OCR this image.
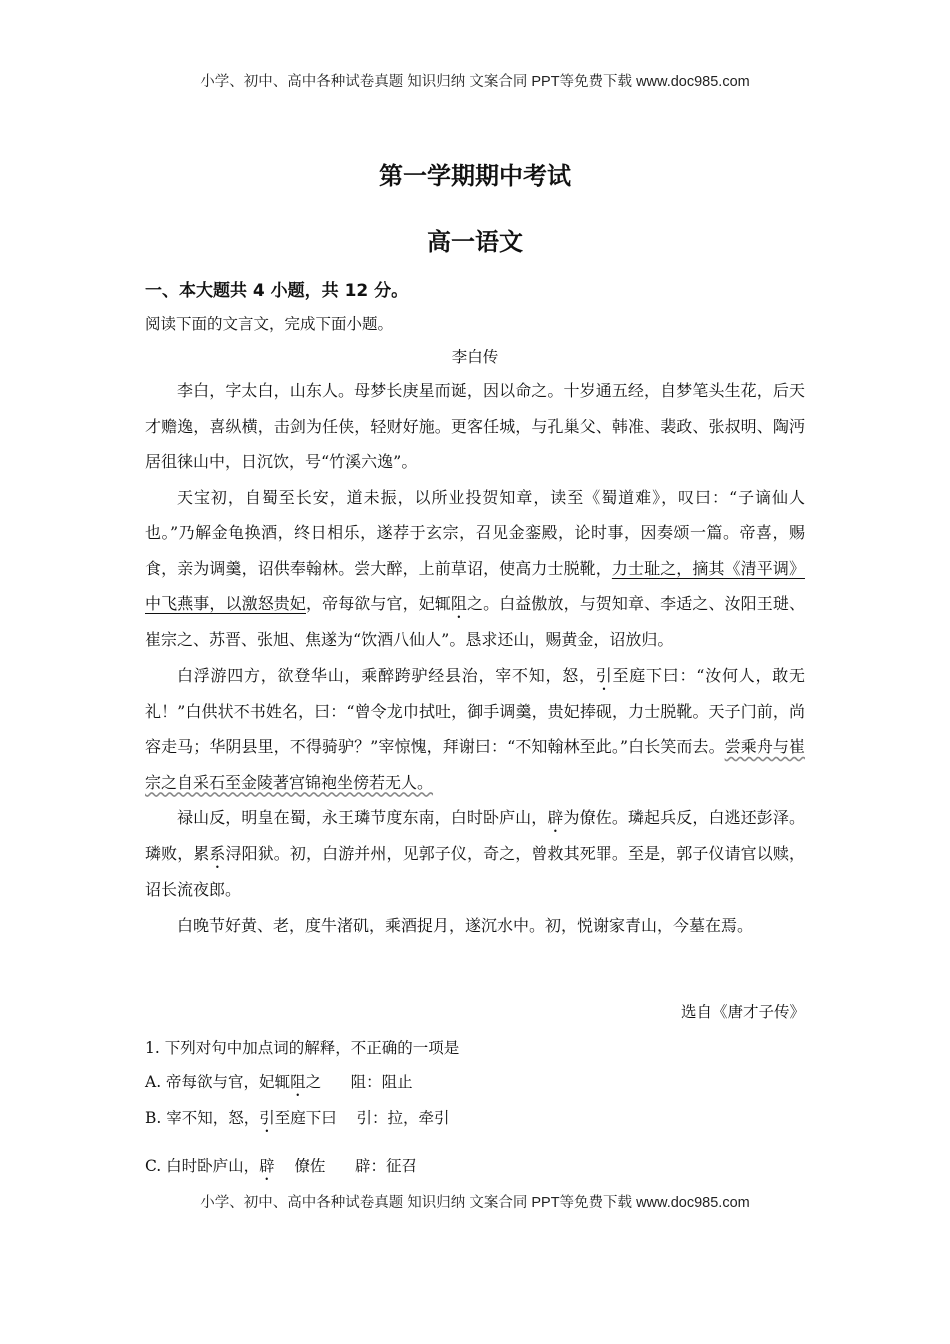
小学、初中、高中各种试卷真题 知识归纳 文案合同 PPT等免费下载 www.doc985.com
第一学期期中考试
高一语文
一、本大题共 4 小题，共 12 分。
阅读下面的文言文，完成下面小题。
李白传

李白，字太白，山东人。母梦长庚星而诞，因以命之。十岁通五经，自梦笔头生花，后天才赡逸，喜纵横，击剑为任侠，轻财好施。更客任城，与孔巢父、韩准、裴政、张叔明、陶沔居徂徕山中，日沉饮，号“竹溪六逸”。

天宝初，自蜀至长安，道未振，以所业投贺知章，读至《蜀道难》，叹曰：“子谪仙人也。”乃解金龟换酒，终日相乐，遂荐于玄宗，召见金銮殿，论时事，因奏颂一篇。帝喜，赐食，亲为调羹，诏供奉翰林。尝大醉，上前草诏，使高力士脱靴，力士耻之，摘其《清平调》中飞燕事，以激怒贵妃，帝每欲与官，妃辄阻之。白益傲放，与贺知章、李适之、汝阳王琎、崔宗之、苏晋、张旭、焦遂为“饮酒八仙人”。恳求还山，赐黄金，诏放归。

白浮游四方，欲登华山，乘醉跨驴经县治，宰不知，怒，引至庭下曰：“汝何人，敢无礼！”白供状不书姓名，曰：“曾令龙巾拭吐，御手调羹，贵妃捧砚，力士脱靴。天子门前，尚容走马；华阴县里，不得骑驴？”宰惊愧，拜谢曰：“不知翰林至此。”白长笑而去。尝乘舟与崔宗之自采石至金陵著宫锦袍坐傍若无人。

禄山反，明皇在蜀，永王璘节度东南，白时卧庐山，辟为僚佐。璘起兵反，白逃还彭泽。璘败，累系浔阳狱。初，白游并州，见郭子仪，奇之，曾救其死罪。至是，郭子仪请官以赎，诏长流夜郎。

白晚节好黄、老，度牛渚矶，乘酒捉月，遂沉水中。初，悦谢家青山，今墓在焉。

选自《唐才子传》
1. 下列对句中加点词的解释，不正确的一项是
A. 帝每欲与官，妃辄阻之      阻：阻止
B. 宰不知，怒，引至庭下曰    引：拉，牵引
C. 白时卧庐山，辟    僚佐      辟：征召
小学、初中、高中各种试卷真题 知识归纳 文案合同 PPT等免费下载 www.doc985.com
